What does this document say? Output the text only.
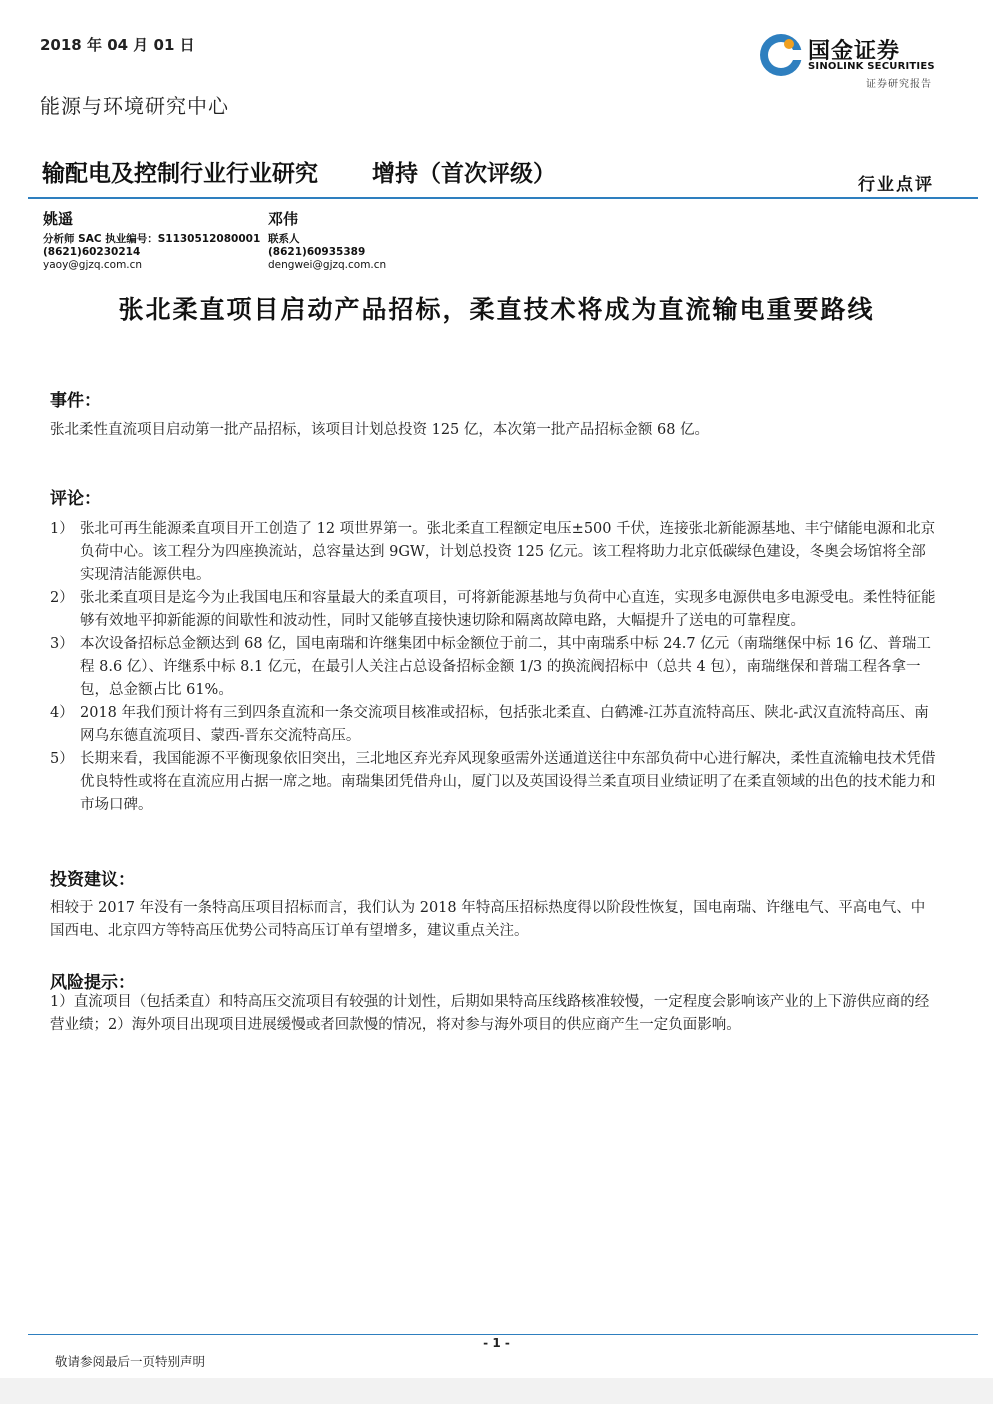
2018 年 04 月 01 日
能源与环境研究中心
国金证券
SINOLINK SECURITIES
证券研究报告
输配电及控制行业行业研究 增持（首次评级）	行业点评
姚遥
分析师 SAC 执业编号：S1130512080001
(8621)60230214
yaoy@gjzq.com.cn
邓伟
联系人
(8621)60935389
dengwei@gjzq.com.cn
张北柔直项目启动产品招标，柔直技术将成为直流输电重要路线
事件：
张北柔性直流项目启动第一批产品招标，该项目计划总投资 125 亿，本次第一批产品招标金额 68 亿。
评论：
1） 张北可再生能源柔直项目开工创造了 12 项世界第一。张北柔直工程额定电压±500 千伏，连接张北新能源基地、丰宁储能电源和北京负荷中心。该工程分为四座换流站，总容量达到 9GW，计划总投资 125 亿元。该工程将助力北京低碳绿色建设，冬奥会场馆将全部实现清洁能源供电。
2） 张北柔直项目是迄今为止我国电压和容量最大的柔直项目，可将新能源基地与负荷中心直连，实现多电源供电多电源受电。柔性特征能够有效地平抑新能源的间歇性和波动性，同时又能够直接快速切除和隔离故障电路，大幅提升了送电的可靠程度。
3） 本次设备招标总金额达到 68 亿，国电南瑞和许继集团中标金额位于前二，其中南瑞系中标 24.7 亿元（南瑞继保中标 16 亿、普瑞工程 8.6 亿）、许继系中标 8.1 亿元，在最引人关注占总设备招标金额 1/3 的换流阀招标中（总共 4 包），南瑞继保和普瑞工程各拿一包，总金额占比 61%。
4） 2018 年我们预计将有三到四条直流和一条交流项目核准或招标，包括张北柔直、白鹤滩-江苏直流特高压、陕北-武汉直流特高压、南网乌东德直流项目、蒙西-晋东交流特高压。
5） 长期来看，我国能源不平衡现象依旧突出，三北地区弃光弃风现象亟需外送通道送往中东部负荷中心进行解决，柔性直流输电技术凭借优良特性或将在直流应用占据一席之地。南瑞集团凭借舟山，厦门以及英国设得兰柔直项目业绩证明了在柔直领域的出色的技术能力和市场口碑。
投资建议：
相较于 2017 年没有一条特高压项目招标而言，我们认为 2018 年特高压招标热度得以阶段性恢复，国电南瑞、许继电气、平高电气、中国西电、北京四方等特高压优势公司特高压订单有望增多，建议重点关注。
风险提示：
1）直流项目（包括柔直）和特高压交流项目有较强的计划性，后期如果特高压线路核准较慢，一定程度会影响该产业的上下游供应商的经营业绩；2）海外项目出现项目进展缓慢或者回款慢的情况，将对参与海外项目的供应商产生一定负面影响。
- 1 -
敬请参阅最后一页特别声明
